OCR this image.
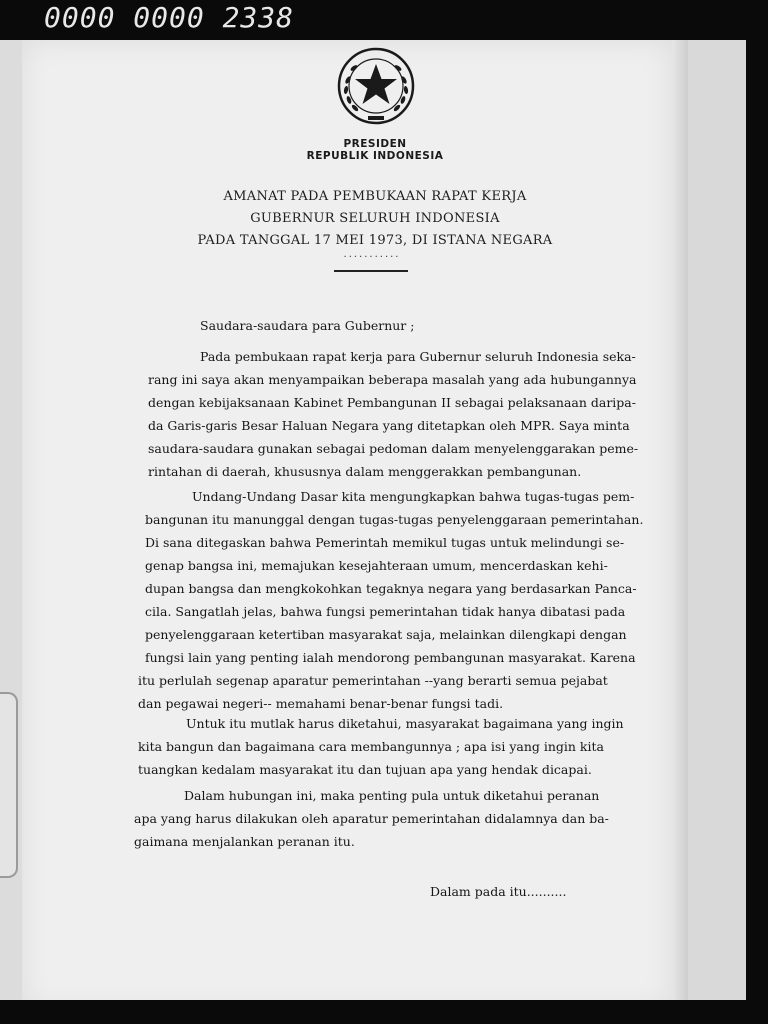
0000 0000 2338
PRESIDEN
REPUBLIK INDONESIA
AMANAT PADA PEMBUKAAN RAPAT KERJA
GUBERNUR SELURUH INDONESIA
PADA TANGGAL 17 MEI 1973, DI ISTANA NEGARA
...........
Saudara-saudara para Gubernur ;
Pada pembukaan rapat kerja para Gubernur seluruh Indonesia seka-
rang ini saya akan menyampaikan beberapa masalah yang ada hubungannya
dengan kebijaksanaan Kabinet Pembangunan II sebagai pelaksanaan daripa-
da Garis-garis Besar Haluan Negara yang ditetapkan oleh MPR. Saya minta
saudara-saudara gunakan sebagai pedoman dalam menyelenggarakan peme-
rintahan di daerah, khususnya dalam menggerakkan pembangunan.
Undang-Undang Dasar kita mengungkapkan bahwa tugas-tugas pem-
bangunan itu manunggal dengan tugas-tugas penyelenggaraan pemerintahan.
Di sana ditegaskan bahwa Pemerintah memikul tugas untuk melindungi se-
genap bangsa ini, memajukan kesejahteraan umum, mencerdaskan kehi-
dupan bangsa dan mengkokohkan tegaknya negara yang berdasarkan Panca-
cila. Sangatlah jelas, bahwa fungsi pemerintahan tidak hanya dibatasi pada
penyelenggaraan ketertiban masyarakat saja, melainkan dilengkapi dengan
fungsi lain yang penting ialah mendorong pembangunan masyarakat. Karena
itu perlulah segenap aparatur pemerintahan --yang berarti semua pejabat
dan pegawai negeri-- memahami benar-benar fungsi tadi.
Untuk itu mutlak harus diketahui, masyarakat bagaimana yang ingin
kita bangun dan bagaimana cara membangunnya ; apa isi yang ingin kita
tuangkan kedalam masyarakat itu dan tujuan apa yang hendak dicapai.
Dalam hubungan ini, maka penting pula untuk diketahui peranan
apa yang harus dilakukan oleh aparatur pemerintahan didalamnya dan ba-
gaimana menjalankan peranan itu.
Dalam pada itu..........
